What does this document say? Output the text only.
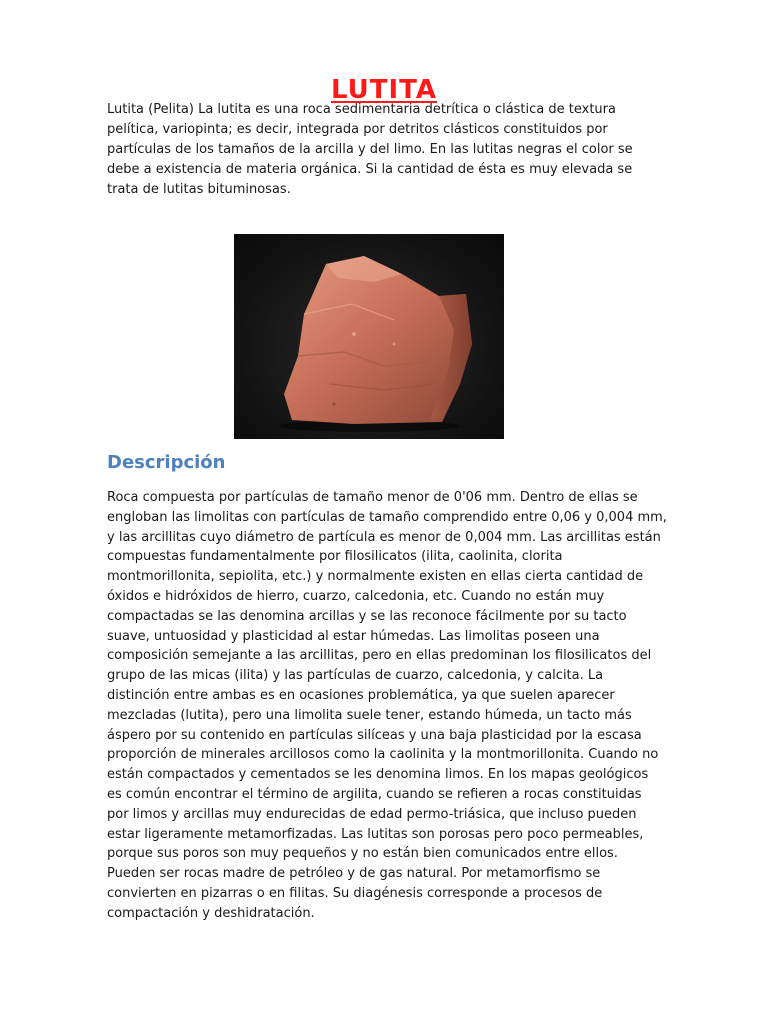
LUTITA

Lutita (Pelita) La lutita es una roca sedimentaria detrítica o clástica de textura pelítica, variopinta; es decir, integrada por detritos clásticos constituidos por partículas de los tamaños de la arcilla y del limo. En las lutitas negras el color se debe a existencia de materia orgánica. Si la cantidad de ésta es muy elevada se trata de lutitas bituminosas.

Descripción

Roca compuesta por partículas de tamaño menor de 0'06 mm. Dentro de ellas se engloban las limolitas con partículas de tamaño comprendido entre 0,06 y 0,004 mm, y las arcillitas cuyo diámetro de partícula es menor de 0,004 mm. Las arcillitas están compuestas fundamentalmente por filosilicatos (ilita, caolinita, clorita montmorillonita, sepiolita, etc.) y normalmente existen en ellas cierta cantidad de óxidos e hidróxidos de hierro, cuarzo, calcedonia, etc. Cuando no están muy compactadas se las denomina arcillas y se las reconoce fácilmente por su tacto suave, untuosidad y plasticidad al estar húmedas. Las limolitas poseen una composición semejante a las arcillitas, pero en ellas predominan los filosilicatos del grupo de las micas (ilita) y las partículas de cuarzo, calcedonia, y calcita. La distinción entre ambas es en ocasiones problemática, ya que suelen aparecer mezcladas (lutita), pero una limolita suele tener, estando húmeda, un tacto más áspero por su contenido en partículas silíceas y una baja plasticidad por la escasa proporción de minerales arcillosos como la caolinita y la montmorillonita. Cuando no están compactados y cementados se les denomina limos. En los mapas geológicos es común encontrar el término de argilita, cuando se refieren a rocas constituidas por limos y arcillas muy endurecidas de edad permo-triásica, que incluso pueden estar ligeramente metamorfizadas. Las lutitas son porosas pero poco permeables, porque sus poros son muy pequeños y no están bien comunicados entre ellos. Pueden ser rocas madre de petróleo y de gas natural. Por metamorfismo se convierten en pizarras o en filitas. Su diagénesis corresponde a procesos de compactación y deshidratación.
